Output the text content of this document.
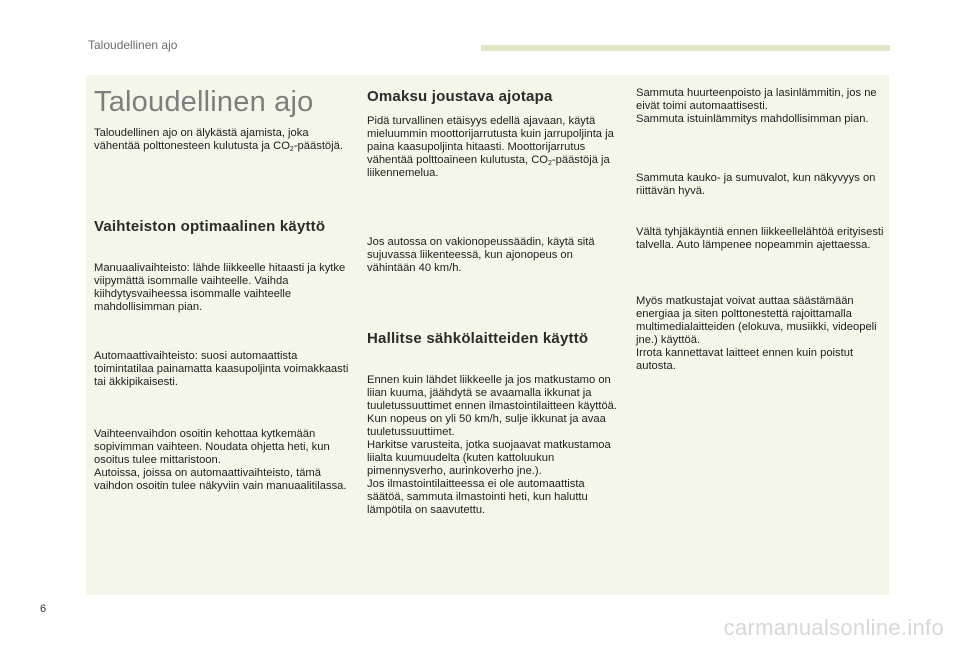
Taloudellinen ajo
Taloudellinen ajo

Taloudellinen ajo on älykästä ajamista, joka vähentää polttonesteen kulutusta ja $CO_2$-päästöjä.

Vaihteiston optimaalinen käyttö

Manuaalivaihteisto: lähde liikkeelle hitaasti ja kytke viipymättä isommalle vaihteelle. Vaihda kiihdytysvaiheessa isommalle vaihteelle mahdollisimman pian.

Automaattivaihteisto: suosi automaattista toimintatilaa painamatta kaasupoljinta voimakkaasti tai äkkipikaisesti.

Vaihteenvaihdon osoitin kehottaa kytkemään sopivimman vaihteen. Noudata ohjetta heti, kun osoitus tulee mittaristoon.

Autoissa, joissa on automaattivaihteisto, tämä vaihdon osoitin tulee näkyviin vain manuaalitilassa.

Omaksu joustava ajotapa

Pidä turvallinen etäisyys edellä ajavaan, käytä mieluummin moottorijarrutusta kuin jarrupoljinta ja paina kaasupoljinta hitaasti. Moottorijarrutus vähentää polttoaineen kulutusta, $CO_2$-päästöjä ja liikennemelua.

Jos autossa on vakionopeussäädin, käytä sitä sujuvassa liikenteessä, kun ajonopeus on vähintään 40 km/h.

Hallitse sähkölaitteiden käyttö

Ennen kuin lähdet liikkeelle ja jos matkustamo on liian kuuma, jäähdytä se avaamalla ikkunat ja tuuletussuuttimet ennen ilmastointilaitteen käyttöä.

Kun nopeus on yli 50 km/h, sulje ikkunat ja avaa tuuletussuuttimet.

Harkitse varusteita, jotka suojaavat matkustamoa liialta kuumuudelta (kuten kattoluukun pimennysverho, aurinkoverho jne.).

Jos ilmastointilaitteessa ei ole automaattista säätöä, sammuta ilmastointi heti, kun haluttu lämpötila on saavutettu.

Sammuta huurteenpoisto ja lasinlämmitin, jos ne eivät toimi automaattisesti.

Sammuta istuinlämmitys mahdollisimman pian.

Sammuta kauko- ja sumuvalot, kun näkyvyys on riittävän hyvä.

Vältä tyhjäkäyntiä ennen liikkeellelähtöä erityisesti talvella. Auto lämpenee nopeammin ajettaessa.

Myös matkustajat voivat auttaa säästämään energiaa ja siten polttonestettä rajoittamalla multimedialaitteiden (elokuva, musiikki, videopeli jne.) käyttöä.

Irrota kannettavat laitteet ennen kuin poistut autosta.

6
carmanualsonline.info
